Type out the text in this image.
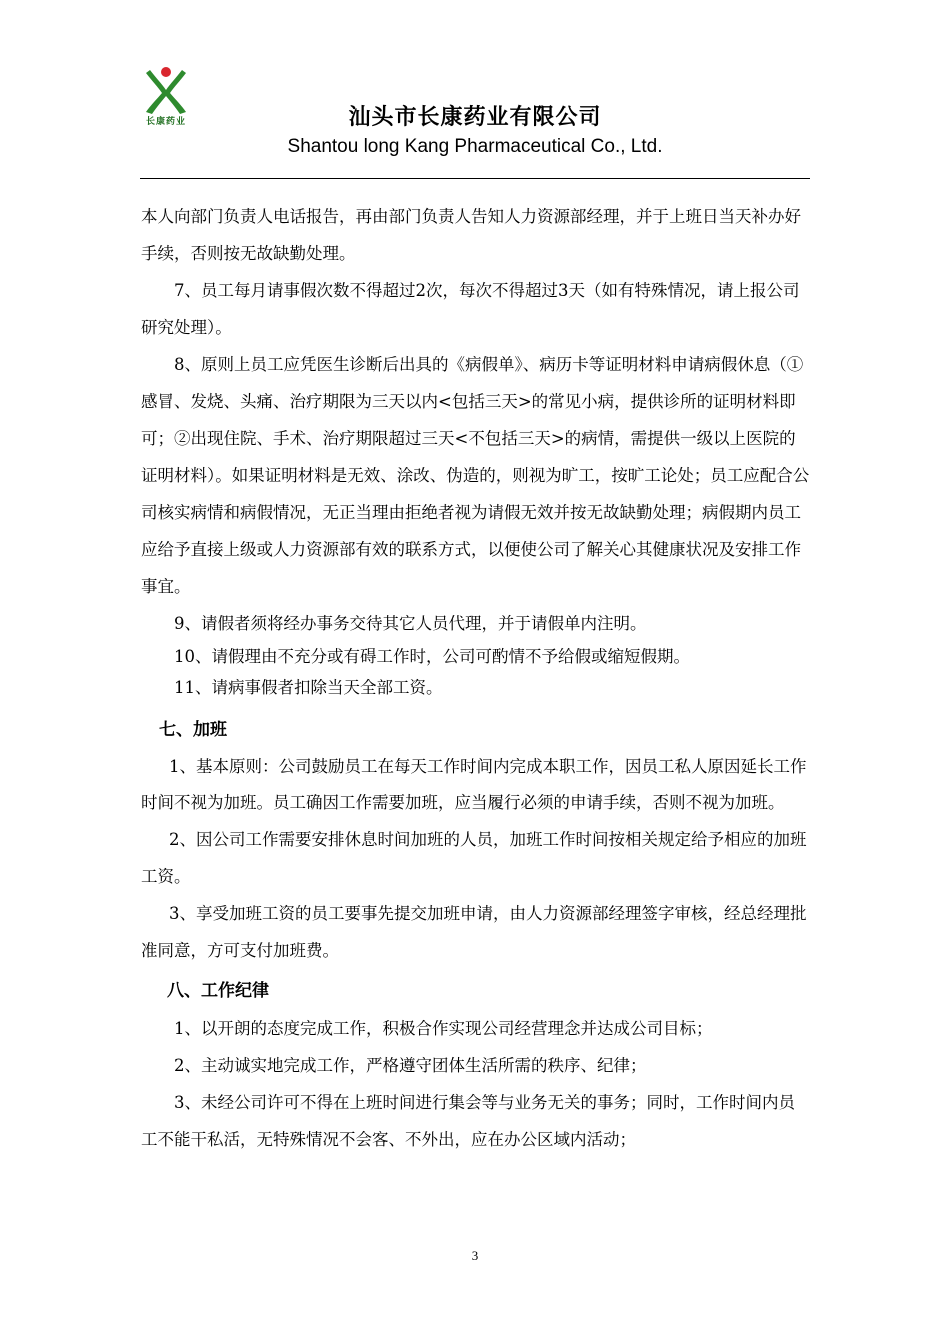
长康药业	汕头市长康药业有限公司
Shantou long Kang Pharmaceutical Co., Ltd.

本人向部门负责人电话报告，再由部门负责人告知人力资源部经理，并于上班日当天补办好手续，否则按无故缺勤处理。

7、员工每月请事假次数不得超过2次，每次不得超过3天（如有特殊情况，请上报公司研究处理）。

8、原则上员工应凭医生诊断后出具的《病假单》、病历卡等证明材料申请病假休息（①感冒、发烧、头痛、治疗期限为三天以内<包括三天>的常见小病，提供诊所的证明材料即可；②出现住院、手术、治疗期限超过三天<不包括三天>的病情，需提供一级以上医院的证明材料）。如果证明材料是无效、涂改、伪造的，则视为旷工，按旷工论处；员工应配合公司核实病情和病假情况，无正当理由拒绝者视为请假无效并按无故缺勤处理；病假期内员工应给予直接上级或人力资源部有效的联系方式，以便使公司了解关心其健康状况及安排工作事宜。

9、请假者须将经办事务交待其它人员代理，并于请假单内注明。

10、请假理由不充分或有碍工作时，公司可酌情不予给假或缩短假期。

11、请病事假者扣除当天全部工资。

七、加班

1、基本原则：公司鼓励员工在每天工作时间内完成本职工作，因员工私人原因延长工作时间不视为加班。员工确因工作需要加班，应当履行必须的申请手续，否则不视为加班。

2、因公司工作需要安排休息时间加班的人员，加班工作时间按相关规定给予相应的加班工资。

3、享受加班工资的员工要事先提交加班申请，由人力资源部经理签字审核，经总经理批准同意，方可支付加班费。

八、工作纪律

1、以开朗的态度完成工作，积极合作实现公司经营理念并达成公司目标；

2、主动诚实地完成工作，严格遵守团体生活所需的秩序、纪律；

3、未经公司许可不得在上班时间进行集会等与业务无关的事务；同时，工作时间内员工不能干私活，无特殊情况不会客、不外出，应在办公区域内活动；

3
